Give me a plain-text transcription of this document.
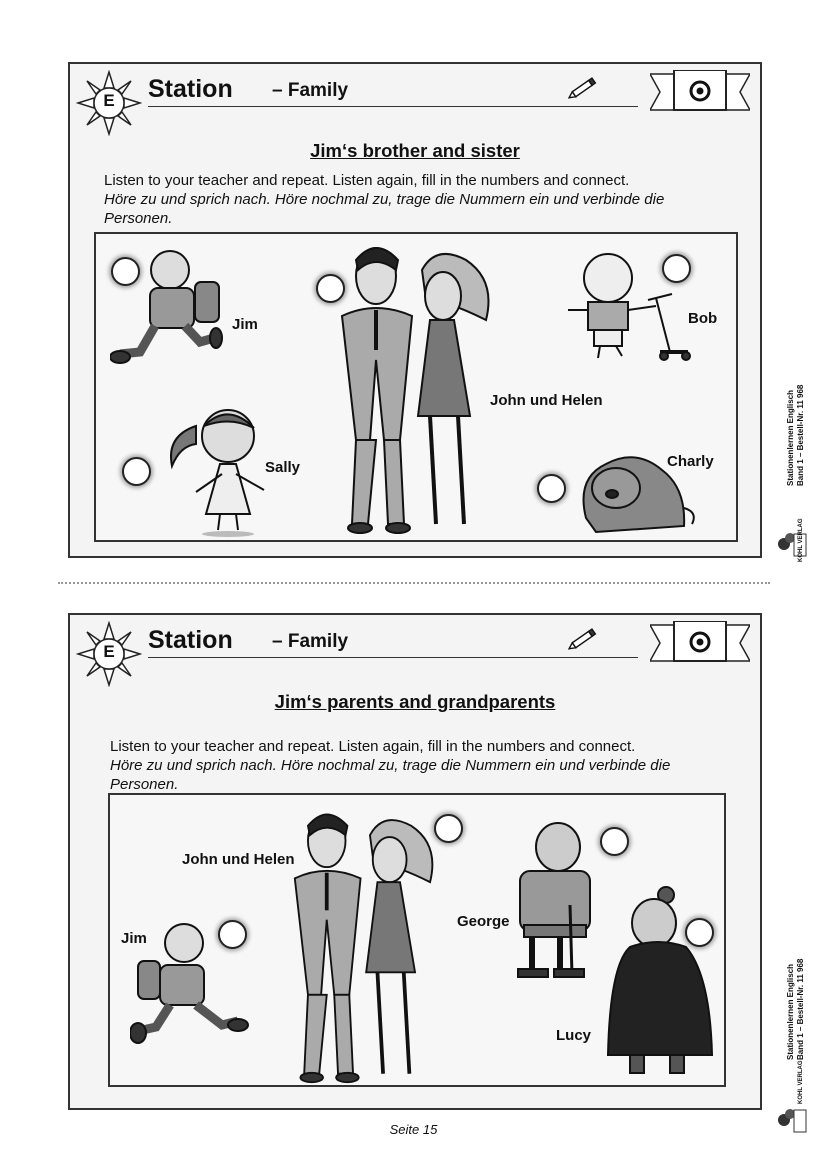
E	Station – Family
Jim‘s brother and sister
Listen to your teacher and repeat. Listen again, fill in the numbers and connect.
Höre zu und sprich nach. Höre nochmal zu, trage die Nummern ein und verbinde die
Personen.
Jim
Sally
John und Helen
Bob
Charly
E	Station – Family
Jim‘s parents and grandparents
Listen to your teacher and repeat. Listen again, fill in the numbers and connect.
Höre zu und sprich nach. Höre nochmal zu, trage die Nummern ein und verbinde die
Personen.
John und Helen
Jim
George
Lucy
Stationenlernen Englisch Band 1 – Bestell-Nr. 11 968
KOHL VERLAG
Stationenlernen Englisch Band 1 – Bestell-Nr. 11 968
KOHL VERLAG
Seite 15
